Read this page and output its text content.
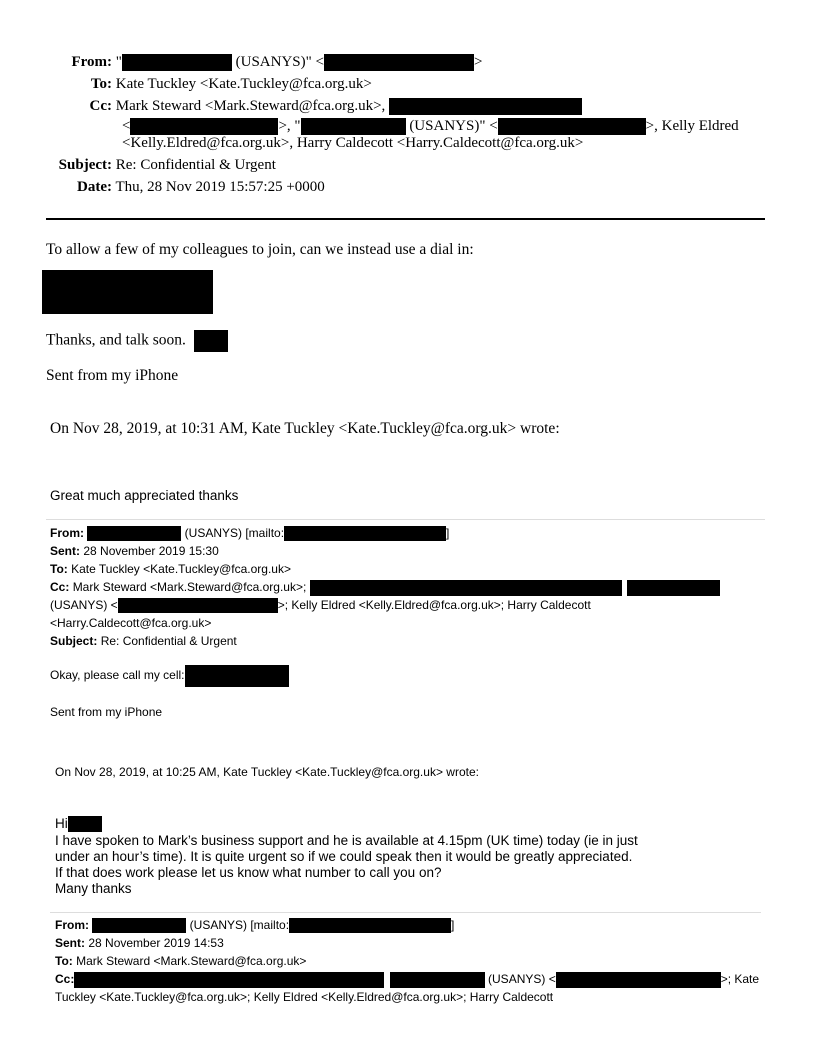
From: "	(USANYS)" <	>
To: Kate Tuckley <Kate.Tuckley@fca.org.uk>
Cc: Mark Steward <Mark.Steward@fca.org.uk>,
<	>, "	(USANYS)" <	>, Kelly Eldred
<Kelly.Eldred@fca.org.uk>, Harry Caldecott <Harry.Caldecott@fca.org.uk>
Subject: Re: Confidential & Urgent
Date: Thu, 28 Nov 2019 15:57:25 +0000
To allow a few of my colleagues to join, can we instead use a dial in:
Thanks, and talk soon.
Sent from my iPhone
On Nov 28, 2019, at 10:31 AM, Kate Tuckley <Kate.Tuckley@fca.org.uk> wrote:
Great much appreciated thanks
From:	(USANYS) [mailto:	]
Sent: 28 November 2019 15:30
To: Kate Tuckley <Kate.Tuckley@fca.org.uk>
Cc: Mark Steward <Mark.Steward@fca.org.uk>;
(USANYS) <	>; Kelly Eldred <Kelly.Eldred@fca.org.uk>; Harry Caldecott
<Harry.Caldecott@fca.org.uk>
Subject: Re: Confidential & Urgent
Okay, please call my cell:
Sent from my iPhone
On Nov 28, 2019, at 10:25 AM, Kate Tuckley <Kate.Tuckley@fca.org.uk> wrote:
Hi
I have spoken to Mark’s business support and he is available at 4.15pm (UK time) today (ie in just
under an hour’s time). It is quite urgent so if we could speak then it would be greatly appreciated.
If that does work please let us know what number to call you on?
Many thanks
From:	(USANYS) [mailto:	]
Sent: 28 November 2019 14:53
To: Mark Steward <Mark.Steward@fca.org.uk>
Cc:	(USANYS) <	>; Kate
Tuckley <Kate.Tuckley@fca.org.uk>; Kelly Eldred <Kelly.Eldred@fca.org.uk>; Harry Caldecott
